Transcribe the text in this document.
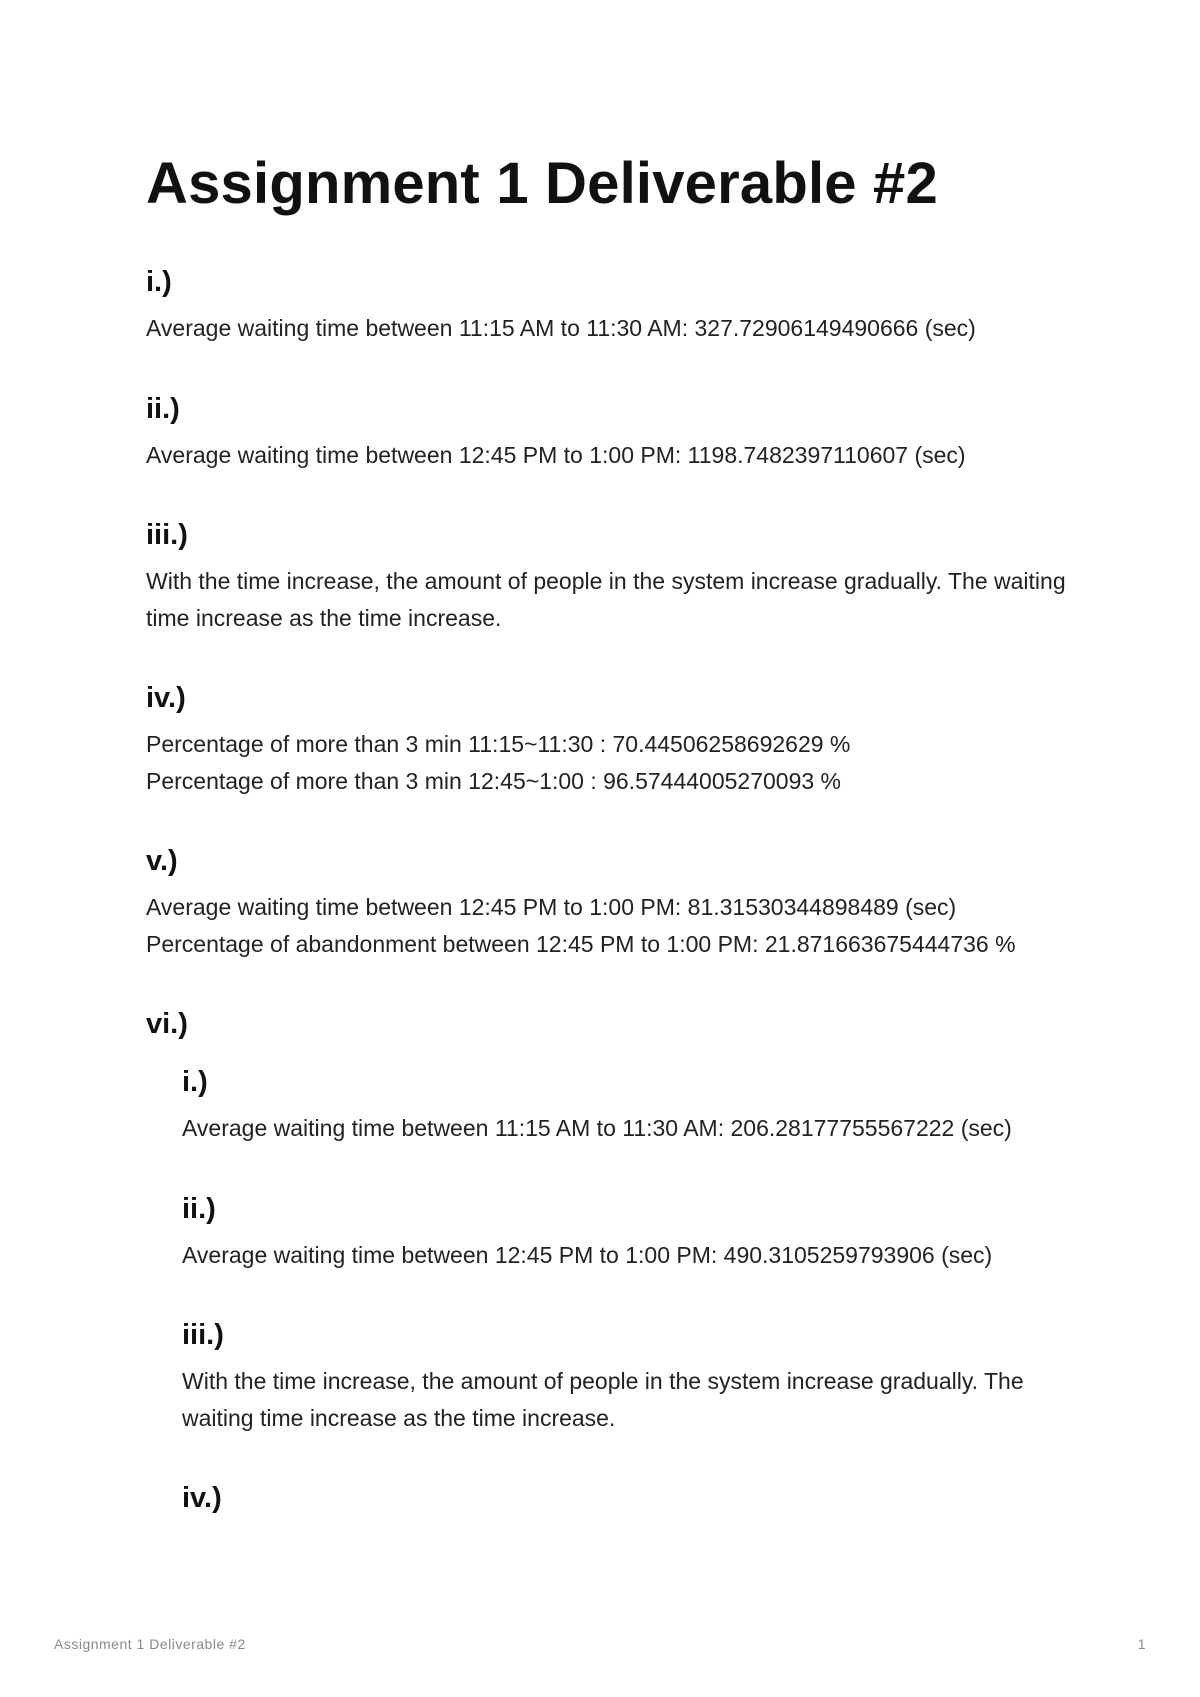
Assignment 1 Deliverable #2
i.)

Average waiting time between 11:15 AM to 11:30 AM: 327.72906149490666 (sec)

ii.)

Average waiting time between 12:45 PM to 1:00 PM: 1198.7482397110607 (sec)

iii.)

With the time increase, the amount of people in the system increase gradually. The waiting time increase as the time increase.

iv.)

Percentage of more than 3 min 11:15~11:30 : 70.44506258692629 %

Percentage of more than 3 min 12:45~1:00 : 96.57444005270093 %

v.)

Average waiting time between 12:45 PM to 1:00 PM: 81.31530344898489 (sec)

Percentage of abandonment between 12:45 PM to 1:00 PM: 21.871663675444736 %

vi.)
i.)

Average waiting time between 11:15 AM to 11:30 AM: 206.28177755567222 (sec)

ii.)

Average waiting time between 12:45 PM to 1:00 PM: 490.3105259793906 (sec)

iii.)

With the time increase, the amount of people in the system increase gradually. The waiting time increase as the time increase.

iv.)
Assignment 1 Deliverable #2	1
